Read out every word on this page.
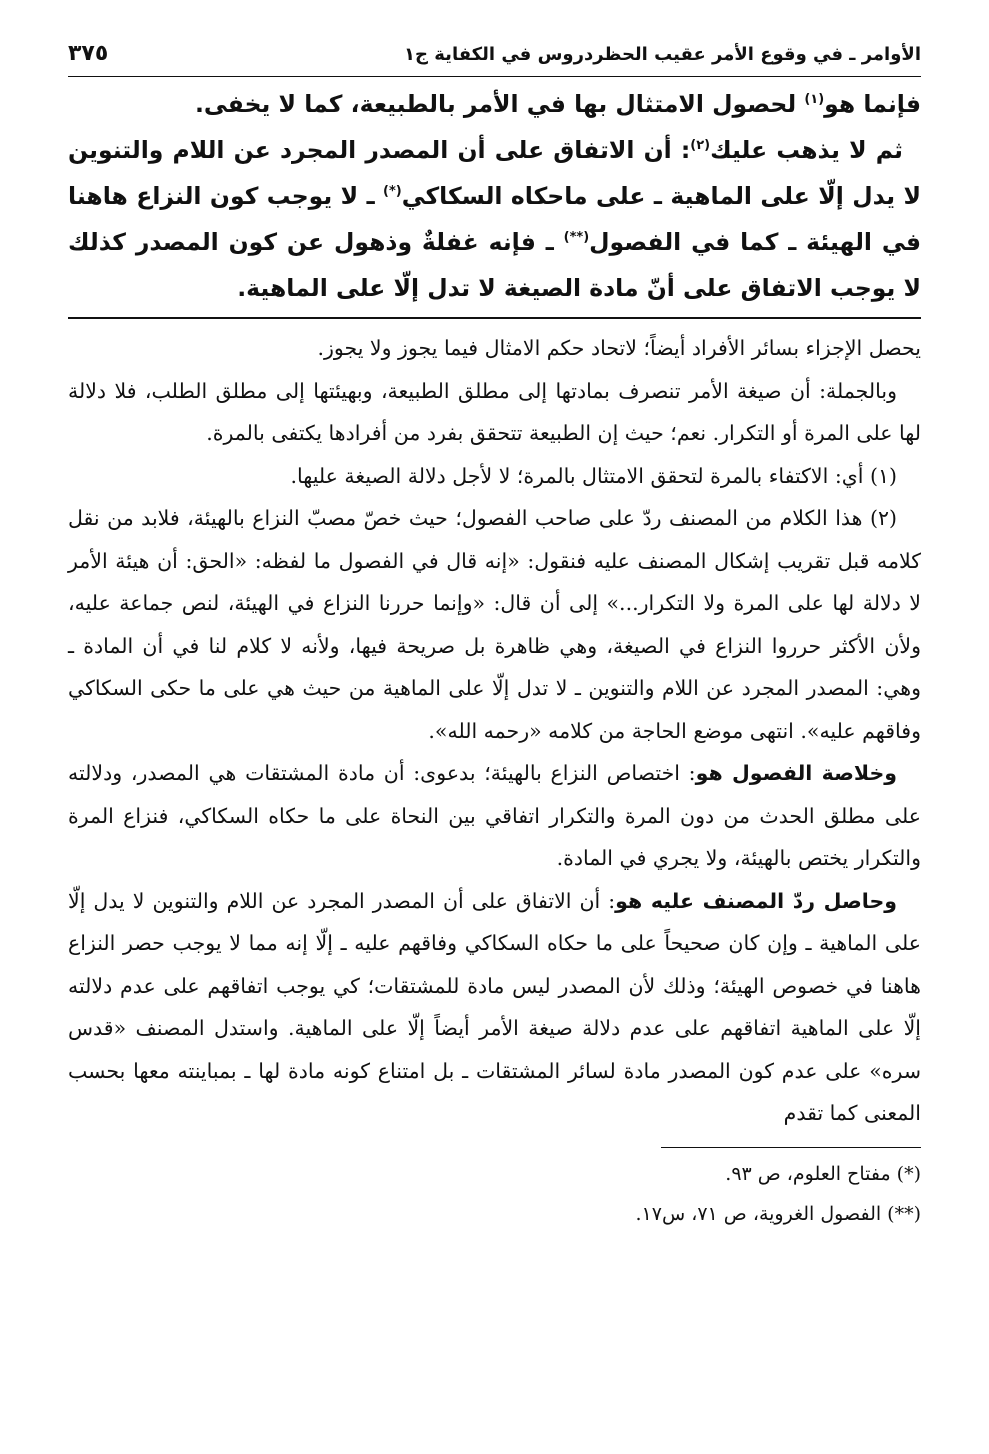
الأوامر ـ في وقوع الأمر عقيب الحظردروس في الكفاية ج١
٣٧٥

فإنما هو$^{(١)}$ لحصول الامتثال بها في الأمر بالطبيعة، كما لا يخفى.

ثم لا يذهب عليك$^{(٢)}$: أن الاتفاق على أن المصدر المجرد عن اللام والتنوين لا يدل إلّا على الماهية ـ على ماحكاه السكاكي(*) ـ لا يوجب كون النزاع هاهنا في الهيئة ـ كما في الفصول(**) ـ فإنه غفلةٌ وذهول عن كون المصدر كذلك لا يوجب الاتفاق على أنّ مادة الصيغة لا تدل إلّا على الماهية.

يحصل الإجزاء بسائر الأفراد أيضاً؛ لاتحاد حكم الامثال فيما يجوز ولا يجوز.

وبالجملة: أن صيغة الأمر تنصرف بمادتها إلى مطلق الطبيعة، وبهيئتها إلى مطلق الطلب، فلا دلالة لها على المرة أو التكرار. نعم؛ حيث إن الطبيعة تتحقق بفرد من أفرادها يكتفى بالمرة.

(١) أي: الاكتفاء بالمرة لتحقق الامتثال بالمرة؛ لا لأجل دلالة الصيغة عليها.

(٢) هذا الكلام من المصنف ردّ على صاحب الفصول؛ حيث خصّ مصبّ النزاع بالهيئة، فلابد من نقل كلامه قبل تقريب إشكال المصنف عليه فنقول: «إنه قال في الفصول ما لفظه: «الحق: أن هيئة الأمر لا دلالة لها على المرة ولا التكرار...» إلى أن قال: «وإنما حررنا النزاع في الهيئة، لنص جماعة عليه، ولأن الأكثر حرروا النزاع في الصيغة، وهي ظاهرة بل صريحة فيها، ولأنه لا كلام لنا في أن المادة ـ وهي: المصدر المجرد عن اللام والتنوين ـ لا تدل إلّا على الماهية من حيث هي على ما حكى السكاكي وفاقهم عليه». انتهى موضع الحاجة من كلامه «رحمه الله».

وخلاصة الفصول هو: اختصاص النزاع بالهيئة؛ بدعوى: أن مادة المشتقات هي المصدر، ودلالته على مطلق الحدث من دون المرة والتكرار اتفاقي بين النحاة على ما حكاه السكاكي، فنزاع المرة والتكرار يختص بالهيئة، ولا يجري في المادة.

وحاصل ردّ المصنف عليه هو: أن الاتفاق على أن المصدر المجرد عن اللام والتنوين لا يدل إلّا على الماهية ـ وإن كان صحيحاً على ما حكاه السكاكي وفاقهم عليه ـ إلّا إنه مما لا يوجب حصر النزاع هاهنا في خصوص الهيئة؛ وذلك لأن المصدر ليس مادة للمشتقات؛ كي يوجب اتفاقهم على عدم دلالته إلّا على الماهية اتفاقهم على عدم دلالة صيغة الأمر أيضاً إلّا على الماهية. واستدل المصنف «قدس سره» على عدم كون المصدر مادة لسائر المشتقات ـ بل امتناع كونه مادة لها ـ بمباينته معها بحسب المعنى كما تقدم

(*) مفتاح العلوم، ص ٩٣.

(**) الفصول الغروية، ص ٧١، س١٧.
